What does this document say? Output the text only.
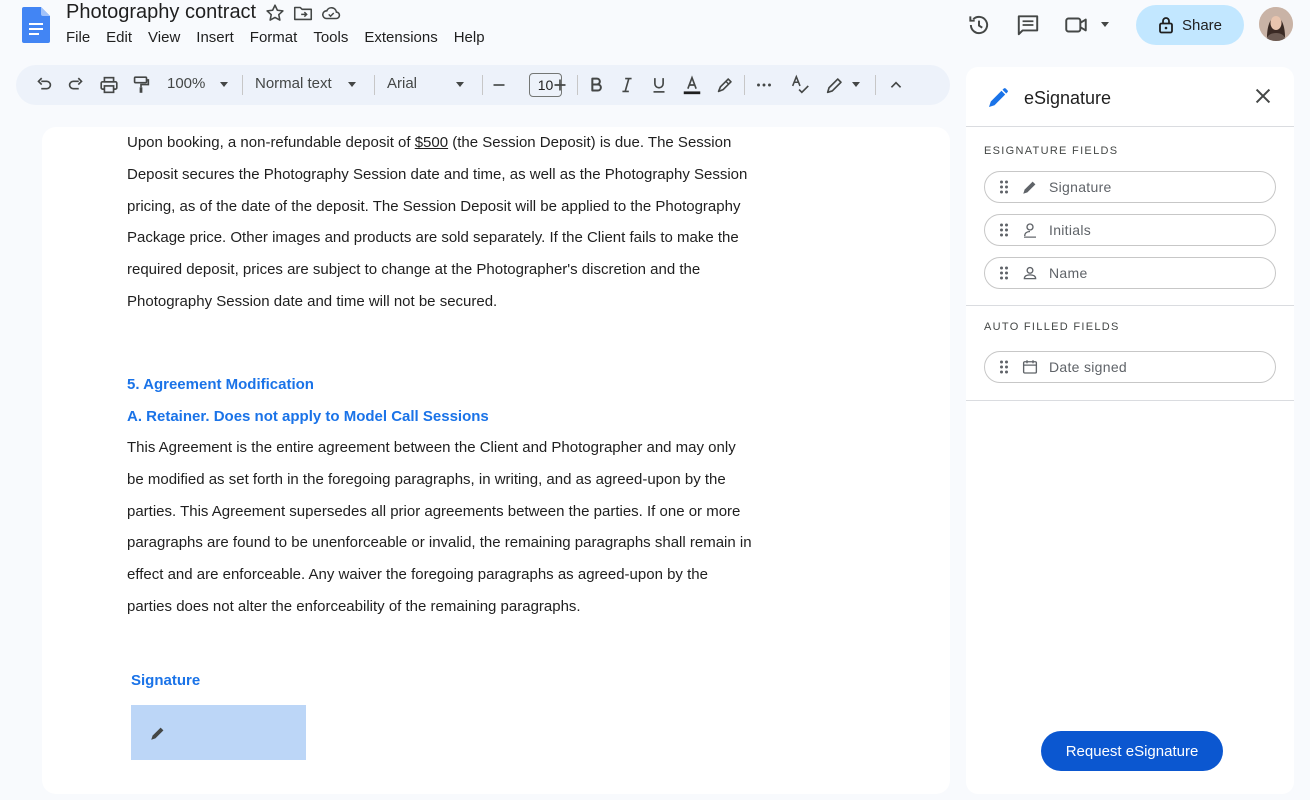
Photography contract
File	Edit	View	Insert	Format	Tools	Extensions	Help
Share
100%	Normal text	Arial	10
Upon booking, a non-refundable deposit of $500 (the Session Deposit) is due. The Session Deposit secures the Photography Session date and time, as well as the Photography Session pricing, as of the date of the deposit. The Session Deposit will be applied to the Photography Package price. Other images and products are sold separately. If the Client fails to make the required deposit, prices are subject to change at the Photographer's discretion and the Photography Session date and time will not be secured.
5. Agreement Modification
A. Retainer. Does not apply to Model Call Sessions
This Agreement is the entire agreement between the Client and Photographer and may only be modified as set forth in the foregoing paragraphs, in writing, and as agreed-upon by the parties. This Agreement supersedes all prior agreements between the parties. If one or more paragraphs are found to be unenforceable or invalid, the remaining paragraphs shall remain in effect and are enforceable. Any waiver the foregoing paragraphs as agreed-upon by the parties does not alter the enforceability of the remaining paragraphs.
Signature
eSignature
ESIGNATURE FIELDS
Signature
Initials
Name
AUTO FILLED FIELDS
Date signed
Request eSignature
